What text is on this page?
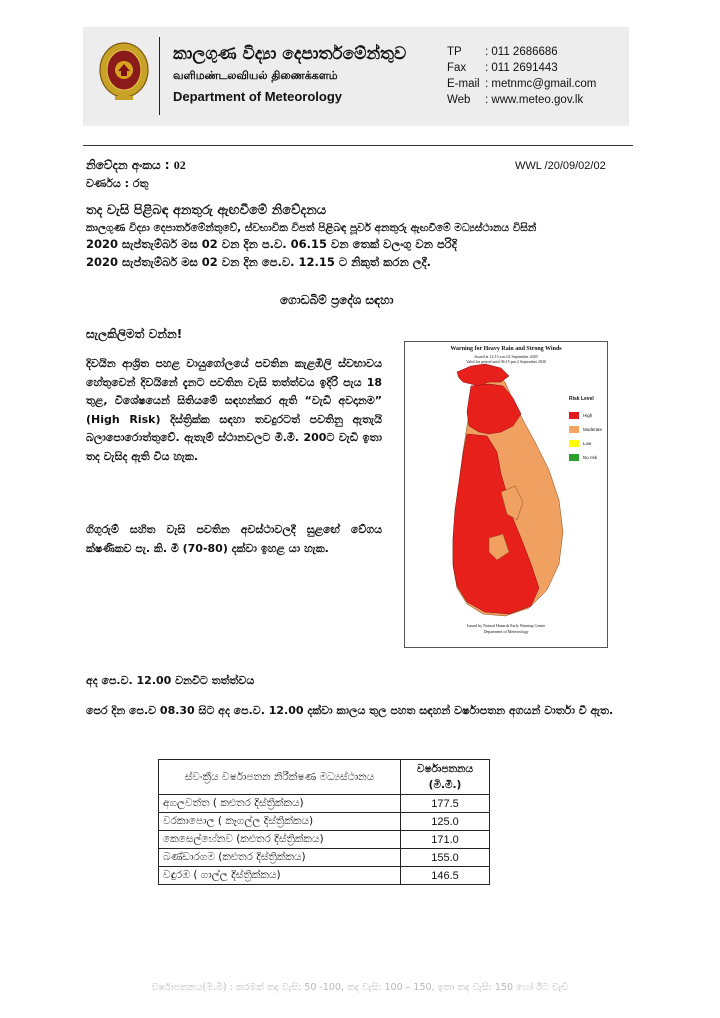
කාලගුණ විද්‍යා දෙපාර්තමේන්තුව
வளிமண்டலவியல் திணைக்களம்
Department of Meteorology
TP	: 011 2686686
Fax	: 011 2691443
E-mail : metnmc@gmail.com
Web	: www.meteo.gov.lk
නිවේදන අංකය : 02	WWL /20/09/02/02
වර්ණය : රතු
තද වැසි පිළිබඳ අනතුරු ඇඟවීමේ නිවේදනය
කාලගුණ විද්‍යා දෙපාර්තමේන්තුවේ, ස්වභාවික විපත් පිළිබඳ පූර්ව අනතුරු ඇඟවීමේ මධ්‍යස්ථානය විසින්
2020 සැප්තැම්බර් මස 02 වන දින ප.ව. 06.15 වන තෙක් වලංගු වන පරිදි
2020 සැප්තැම්බර් මස 02 වන දින පෙ.ව. 12.15 ට නිකුත් කරන ලදී.
ගොඩබිම් ප්‍රදේශ සඳහා
සැලකිලිමත් වන්න!
දිවයින ආශ්‍රිත පහළ වායුගෝලයේ පවතින කැළඹිලි ස්වභාවය හේතුවෙන් දිවයිනේ දැනට පවතින වැසි තත්ත්වය ඉදිරි පැය 18 තුළ, විශේෂයෙන් සිතියමේ සඳහන්කර ඇති “වැඩි අවදානම” (High Risk) දිස්ත්‍රික්ක සඳහා තවදුරටත් පවතිනු ඇතැයි බලාපොරොත්තුවේ. ඇතැම් ස්ථානවලට මි.මී. 200ට වැඩි ඉතා තද වැසිද ඇති විය හැක.
ගිගුරුම් සහිත වැසි පවතින අවස්ථාවලදී සුළඟේ වේගය ක්ෂණිකව පැ. කි. මී (70-80) දක්වා ඉහළ යා හැක.
Warning for Heavy Rain and Strong Winds
Issued at 12:15 a.m 02 September 2020
Valid for period until 06:15 pm 2 September 2020
Risk Level
High
Moderate
Low
No risk
Issued by Natural Hazards Early Warning Centre
Department of Meteorology
අද පෙ.ව. 12.00 වනවිට තත්ත්වය
පෙර දින පෙ.ව 08.30 සිට අද පෙ.ව. 12.00 දක්වා කාලය තුල පහත සඳහන් වර්ෂාපතන අගයන් වාර්තා වී ඇත.
ස්වංක්‍රීය වර්ෂාපතන නිරීක්ෂණ මධ්‍යස්ථානය	වර්ෂාපතනය (මි.මී.)
අගලවත්ත ( කළුතර දිස්ත්‍රික්කය)	177.5
වරකාපොල ( කෑගල්ල දිස්ත්‍රික්කය)	125.0
කෙසෙල්හේනව (කළුතර දිස්ත්‍රික්කය)	171.0
බණ්ඩාරගම (කළුතර දිස්ත්‍රික්කය)	155.0
වඳුරඹ ( ගාල්ල දිස්ත්‍රික්කය)	146.5
වර්ෂාපතනය(මි.මී) : තරමක් තද වැසි: 50 -100, තද වැසි: 100 – 150, ඉතා තද වැසි: 150 හෝ ඊට වැඩි
